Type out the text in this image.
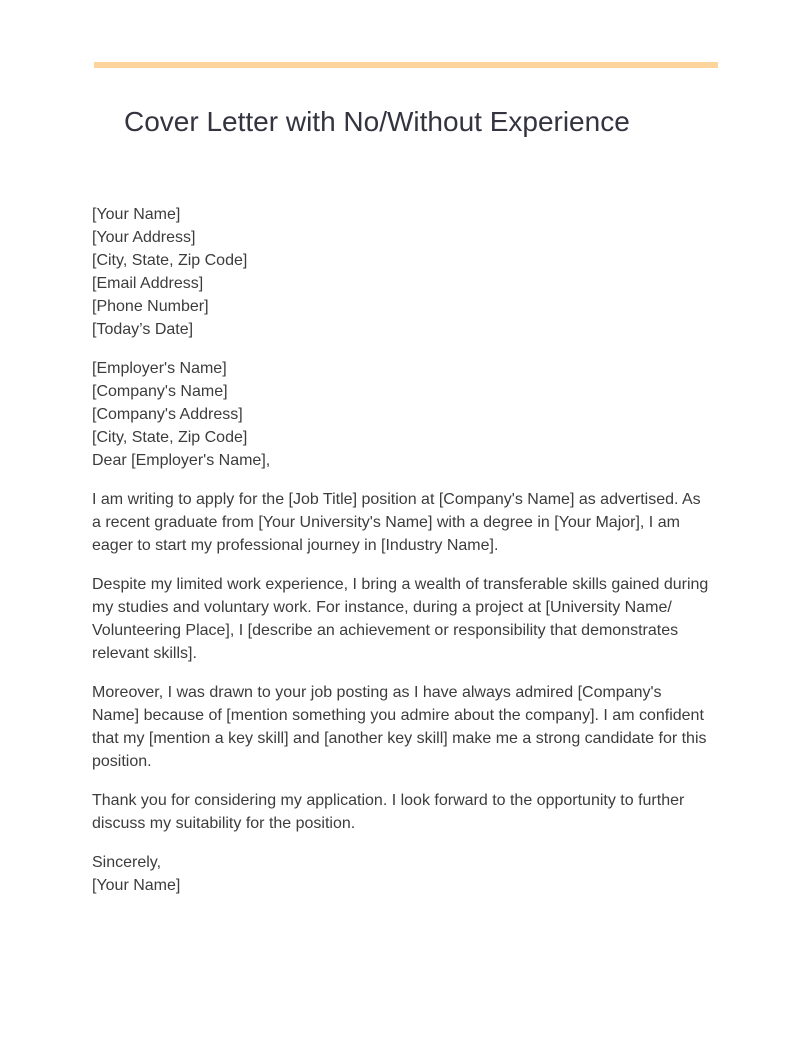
Cover Letter with No/Without Experience
[Your Name]
[Your Address]
[City, State, Zip Code]
[Email Address]
[Phone Number]
[Today’s Date]
[Employer's Name]
[Company's Name]
[Company's Address]
[City, State, Zip Code]
Dear [Employer's Name],

I am writing to apply for the [Job Title] position at [Company's Name] as advertised. As a recent graduate from [Your University's Name] with a degree in [Your Major], I am eager to start my professional journey in [Industry Name].

Despite my limited work experience, I bring a wealth of transferable skills gained during my studies and voluntary work. For instance, during a project at [University Name/ Volunteering Place], I [describe an achievement or responsibility that demonstrates relevant skills].

Moreover, I was drawn to your job posting as I have always admired [Company's Name] because of [mention something you admire about the company]. I am confident that my [mention a key skill] and [another key skill] make me a strong candidate for this position.

Thank you for considering my application. I look forward to the opportunity to further discuss my suitability for the position.

Sincerely,
[Your Name]
